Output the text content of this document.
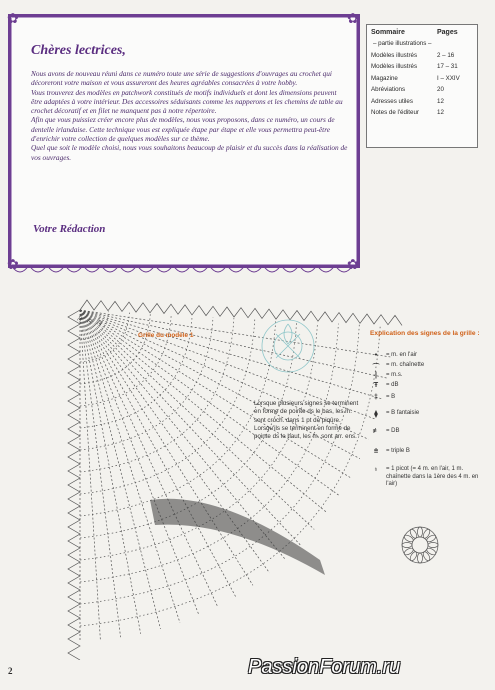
✿	✿
✿	✿
Chères lectrices,

Nous avons de nouveau réuni dans ce numéro toute une série de suggestions d'ouvrages au crochet qui décoreront votre maison et vous assureront des heures agréables consacrées à votre hobby.

Vous trouverez des modèles en patchwork constitués de motifs individuels et dont les dimensions peuvent être adaptées à votre intérieur. Des accessoires séduisants comme les napperons et les chemins de table au crochet décoratif et en filet ne manquent pas à notre répertoire.

Afin que vous puissiez créer encore plus de modèles, nous vous proposons, dans ce numéro, un cours de dentelle irlandaise. Cette technique vous est expliquée étape par étape et elle vous permettra peut-être d'enrichir votre collection de quelques modèles sur ce thème.

Quel que soit le modèle choisi, nous vous souhaitons beaucoup de plaisir et du succès dans la réalisation de vos ouvrages.

Votre Rédaction
Sommaire	Pages
– partie illustrations –
Modèles illustrés	2 – 16
Modèles illustrés	17 – 31
Magazine	I – XXIV
Abréviations	20
Adresses utiles	12
Notes de l'éditeur	12
32
31
30
Grille du modèle 1
Lorsque plusieurs signes se terminent en forme de pointe ds le bas, les m. sont croch. dans 1 pt de piqûre. Lorsqu'ils se terminent en forme de pointe ds le haut, les m. sont arr. ens.
Explication des signes de la grille :
•	= m. en l'air
⌒	= m. chaînette
|	= m.s.
Ŧ	= dB
‡	= B
⧫	= B fantaisie
≢	= DB
⩧	= triple B
♁	= 1 picot (= 4 m. en l'air, 1 m. chaînette dans la 1ère des 4 m. en l'air)
2	PassionForum.ru
